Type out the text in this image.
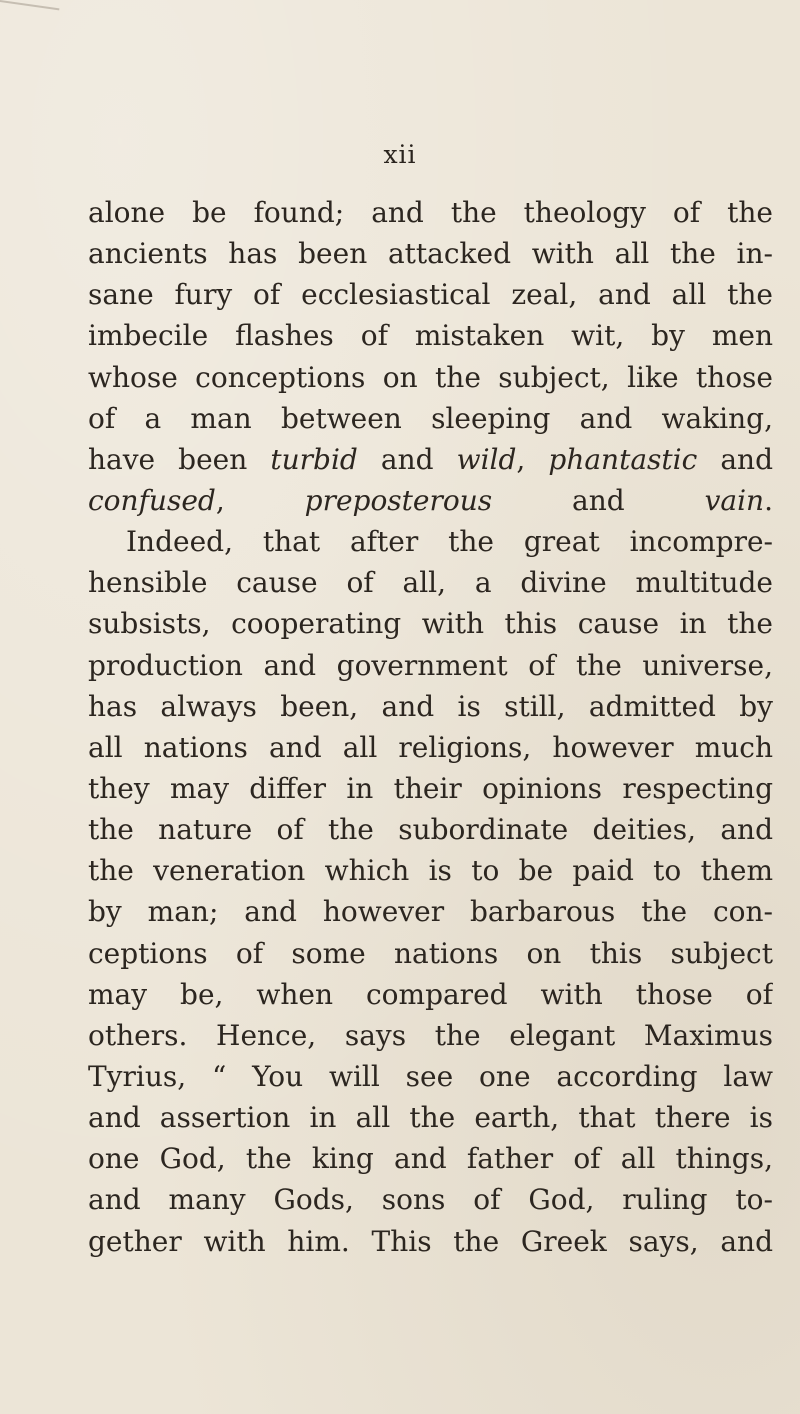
xii
alone be found; and the theology of the
ancients has been attacked with all the in-
sane fury of ecclesiastical zeal, and all the
imbecile flashes of mistaken wit, by men
whose conceptions on the subject, like those
of a man between sleeping and waking,
have been turbid and wild, phantastic and
confused, preposterous and vain.
Indeed, that after the great incompre-
hensible cause of all, a divine multitude
subsists, cooperating with this cause in the
production and government of the universe,
has always been, and is still, admitted by
all nations and all religions, however much
they may differ in their opinions respecting
the nature of the subordinate deities, and
the veneration which is to be paid to them
by man; and however barbarous the con-
ceptions of some nations on this subject
may be, when compared with those of
others. Hence, says the elegant Maximus
Tyrius, “ You will see one according law
and assertion in all the earth, that there is
one God, the king and father of all things,
and many Gods, sons of God, ruling to-
gether with him. This the Greek says, and
